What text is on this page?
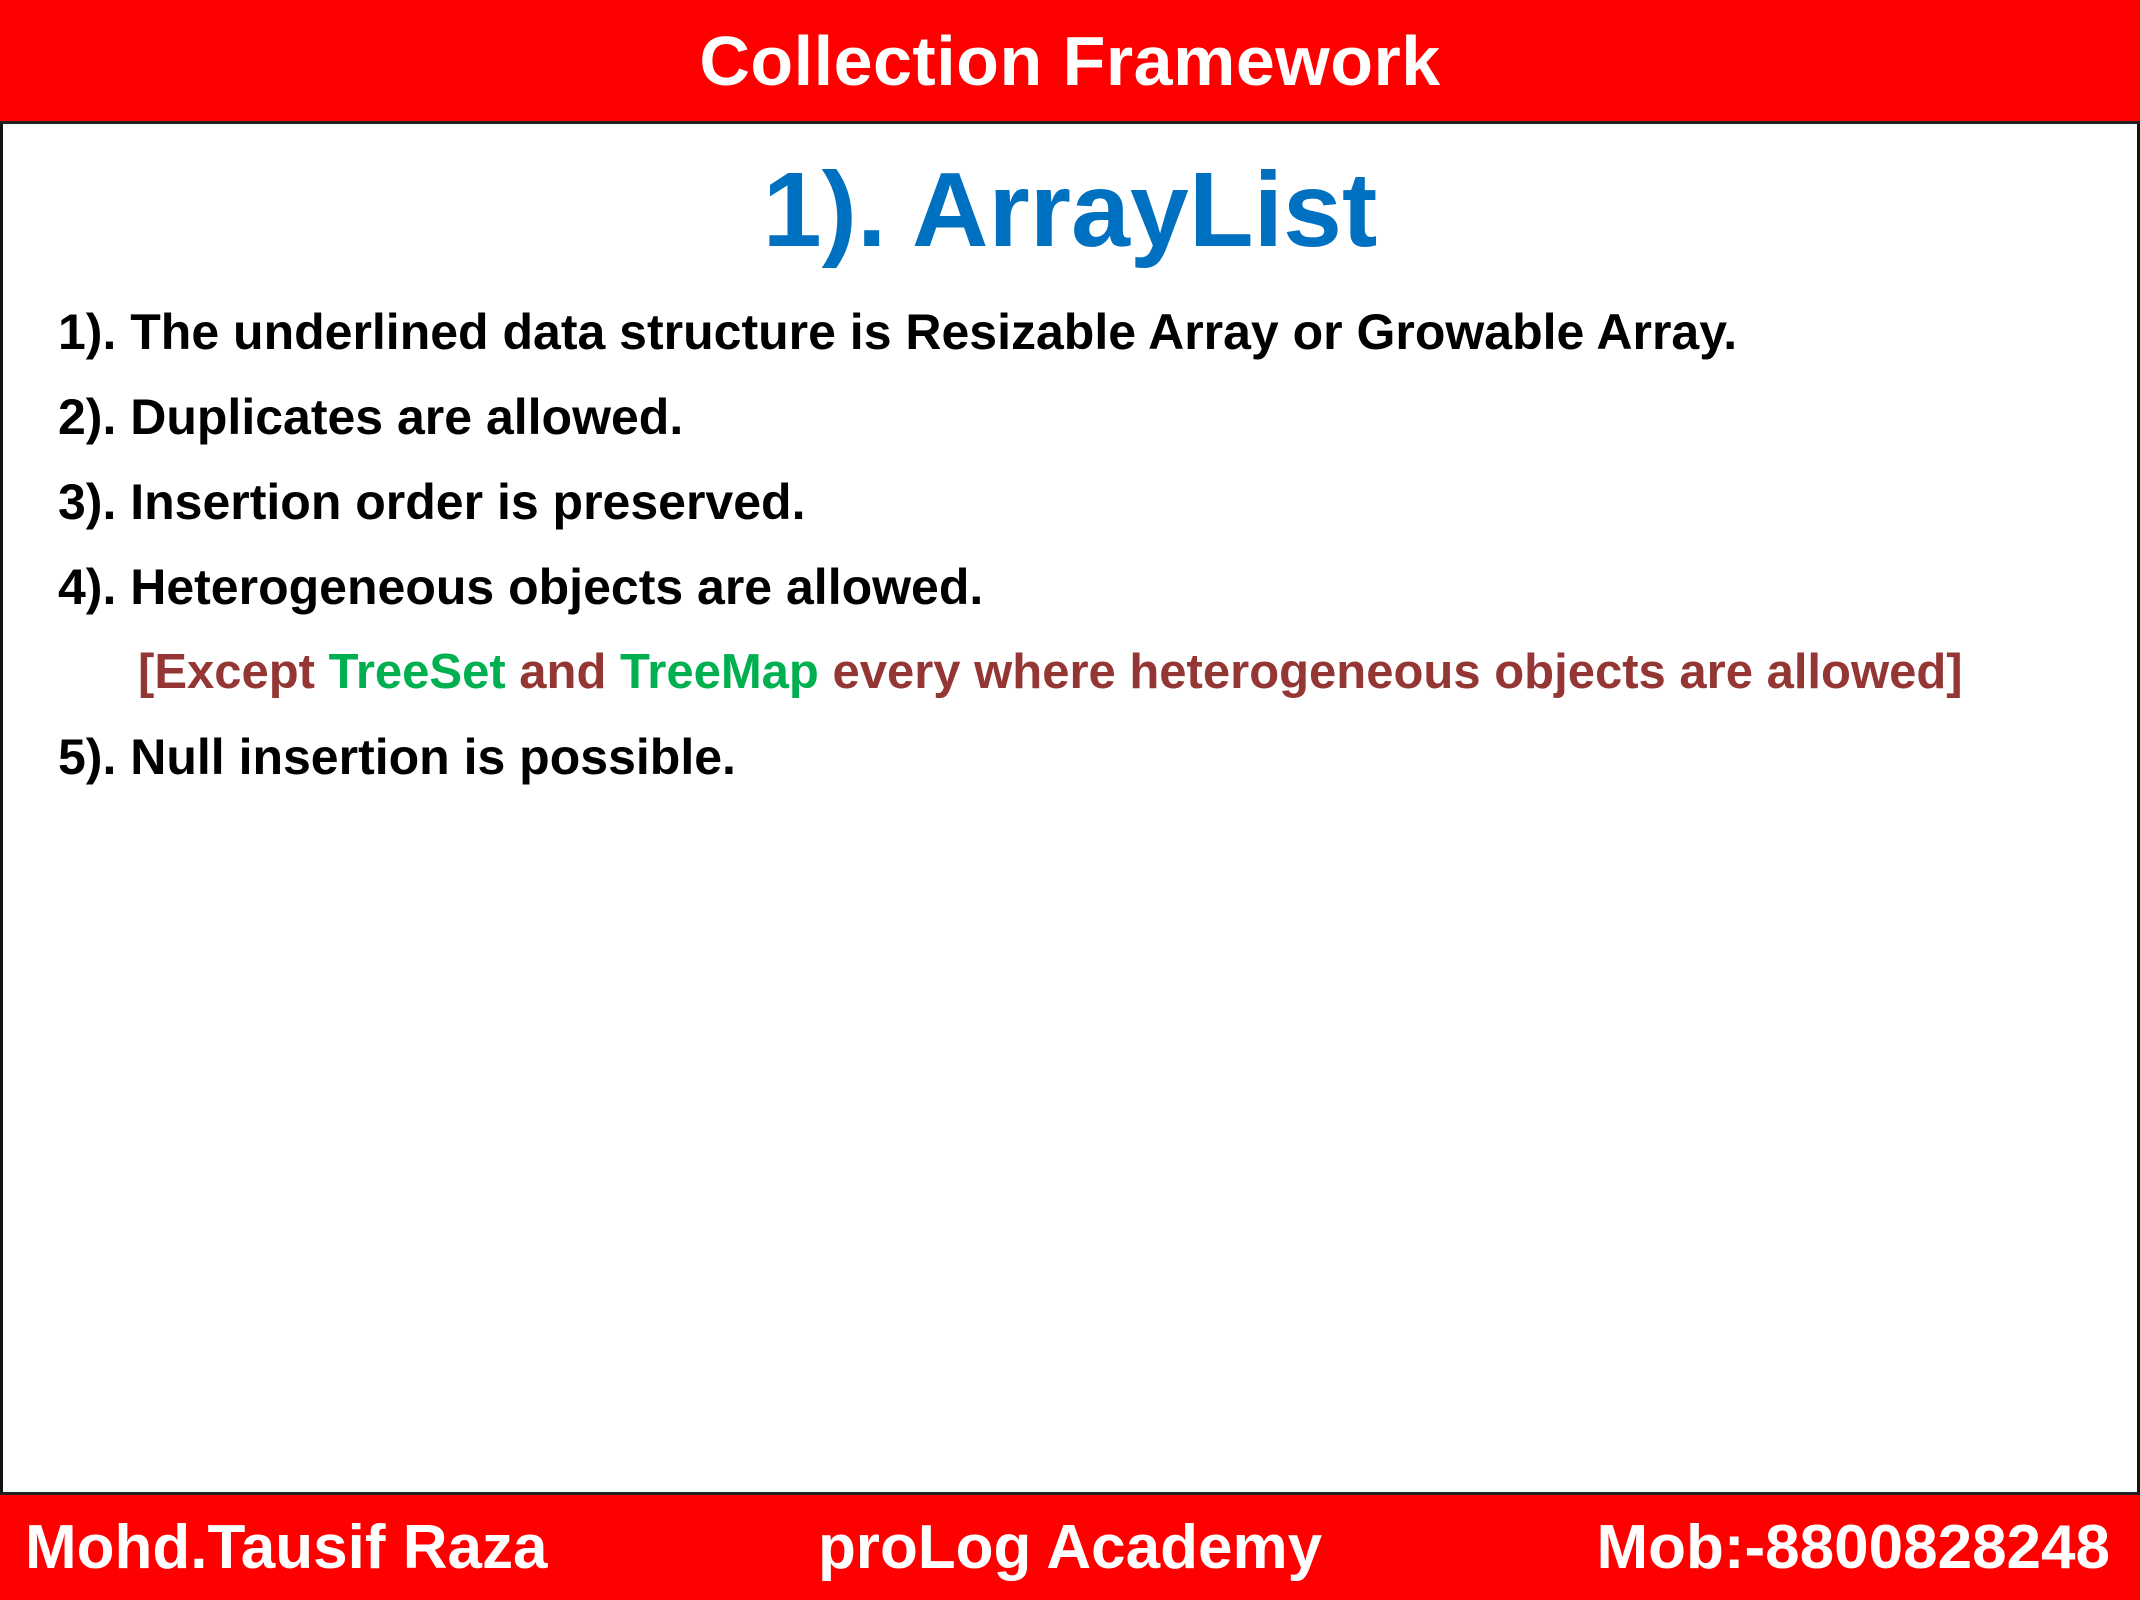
Collection Framework
1). ArrayList
1). The underlined data structure is Resizable Array or Growable Array.
2). Duplicates are allowed.
3). Insertion order is preserved.
4). Heterogeneous objects are allowed.
[Except TreeSet and TreeMap every where heterogeneous objects are allowed]
5). Null insertion is possible.
Mohd.Tausif Raza	proLog Academy	Mob:-8800828248
